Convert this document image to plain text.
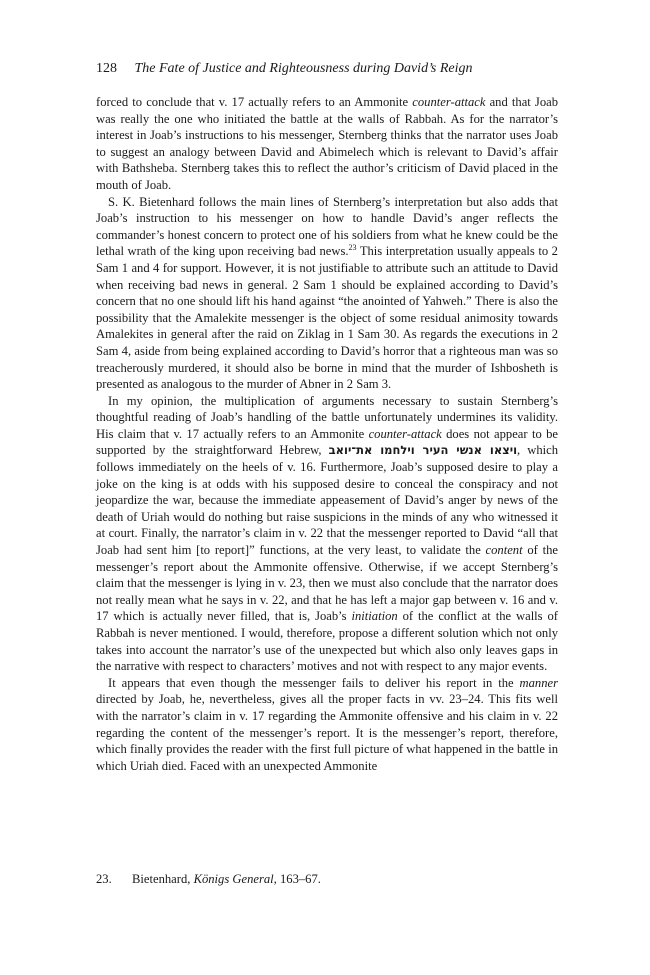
128 The Fate of Justice and Righteousness during David’s Reign

forced to conclude that v. 17 actually refers to an Ammonite counter-attack and that Joab was really the one who initiated the battle at the walls of Rabbah. As for the narrator’s interest in Joab’s instructions to his messenger, Sternberg thinks that the narrator uses Joab to suggest an analogy between David and Abimelech which is relevant to David’s affair with Bathsheba. Sternberg takes this to reflect the author’s criticism of David placed in the mouth of Joab.

S. K. Bietenhard follows the main lines of Sternberg’s interpretation but also adds that Joab’s instruction to his messenger on how to handle David’s anger reflects the commander’s honest concern to protect one of his soldiers from what he knew could be the lethal wrath of the king upon receiving bad news.$^{23}$ This interpretation usually appeals to 2 Sam 1 and 4 for support. However, it is not justifiable to attribute such an attitude to David when receiving bad news in general. 2 Sam 1 should be explained according to David’s concern that no one should lift his hand against “the anointed of Yahweh.” There is also the possibility that the Amalekite messenger is the object of some residual animosity towards Amalekites in general after the raid on Ziklag in 1 Sam 30. As regards the executions in 2 Sam 4, aside from being explained according to David’s horror that a righteous man was so treacherously murdered, it should also be borne in mind that the murder of Ishbosheth is presented as analogous to the murder of Abner in 2 Sam 3.

In my opinion, the multiplication of arguments necessary to sustain Sternberg’s thoughtful reading of Joab’s handling of the battle unfortunately undermines its validity. His claim that v. 17 actually refers to an Ammonite counter-attack does not appear to be supported by the straightforward Hebrew, ויצאו אנשי העיר וילחמו את־יואב, which follows immediately on the heels of v. 16. Furthermore, Joab’s supposed desire to play a joke on the king is at odds with his supposed desire to conceal the conspiracy and not jeopardize the war, because the immediate appeasement of David’s anger by news of the death of Uriah would do nothing but raise suspicions in the minds of any who witnessed it at court. Finally, the narrator’s claim in v. 22 that the messenger reported to David “all that Joab had sent him [to report]” functions, at the very least, to validate the content of the messenger’s report about the Ammonite offensive. Otherwise, if we accept Sternberg’s claim that the messenger is lying in v. 23, then we must also conclude that the narrator does not really mean what he says in v. 22, and that he has left a major gap between v. 16 and v. 17 which is actually never filled, that is, Joab’s initiation of the conflict at the walls of Rabbah is never mentioned. I would, therefore, propose a different solution which not only takes into account the narrator’s use of the unexpected but which also only leaves gaps in the narrative with respect to characters’ motives and not with respect to any major events.

It appears that even though the messenger fails to deliver his report in the manner directed by Joab, he, nevertheless, gives all the proper facts in vv. 23–24. This fits well with the narrator’s claim in v. 17 regarding the Ammonite offensive and his claim in v. 22 regarding the content of the messenger’s report. It is the messenger’s report, therefore, which finally provides the reader with the first full picture of what happened in the battle in which Uriah died. Faced with an unexpected Ammonite

23. Bietenhard, Königs General, 163–67.
